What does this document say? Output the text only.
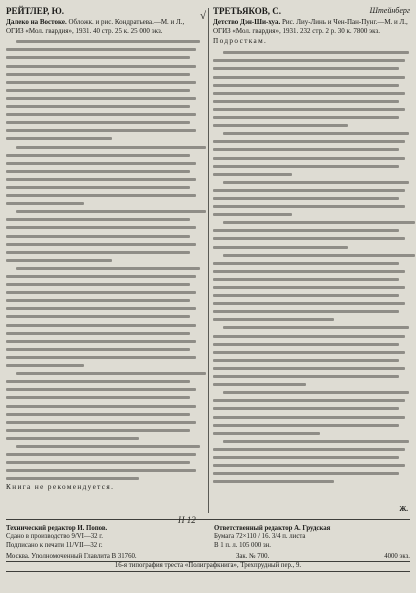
РЕЙТЛЕР, Ю.
Далеко на Востоке. Обложк. и рис. Кондратьева.—М. и Л., ОГИЗ «Мол. гвардия», 1931. 40 стр. 25 к. 25 000 экз.
Книга не рекомендуется.
√	Штейнберг
ТРЕТЬЯКОВ, С.
Детство Дэн-Ши-хуа. Рис. Лиу-Линь и Чен-Пан-Пунг.—М. и Л., ОГИЗ «Мол. гвардия», 1931. 232 стр. 2 р. 30 к. 7800 экз.
Подросткам.
Ж.
Н 12
Технический редактор И. Попов.	Ответственный редактор А. Грудская
Сдано в производство 9/VI—32 г.	Бумага 72×110 / 16. 3/4 п. листа
Подписано к печати 11/VII—32 г.	В 1 п. л. 105 000 зн.
Москва. Уполномоченный Главлита В 31760.	Зак. № 700.	4000 экз.
16-я типография треста «Полиграфкнига», Трехпрудный пер., 9.
